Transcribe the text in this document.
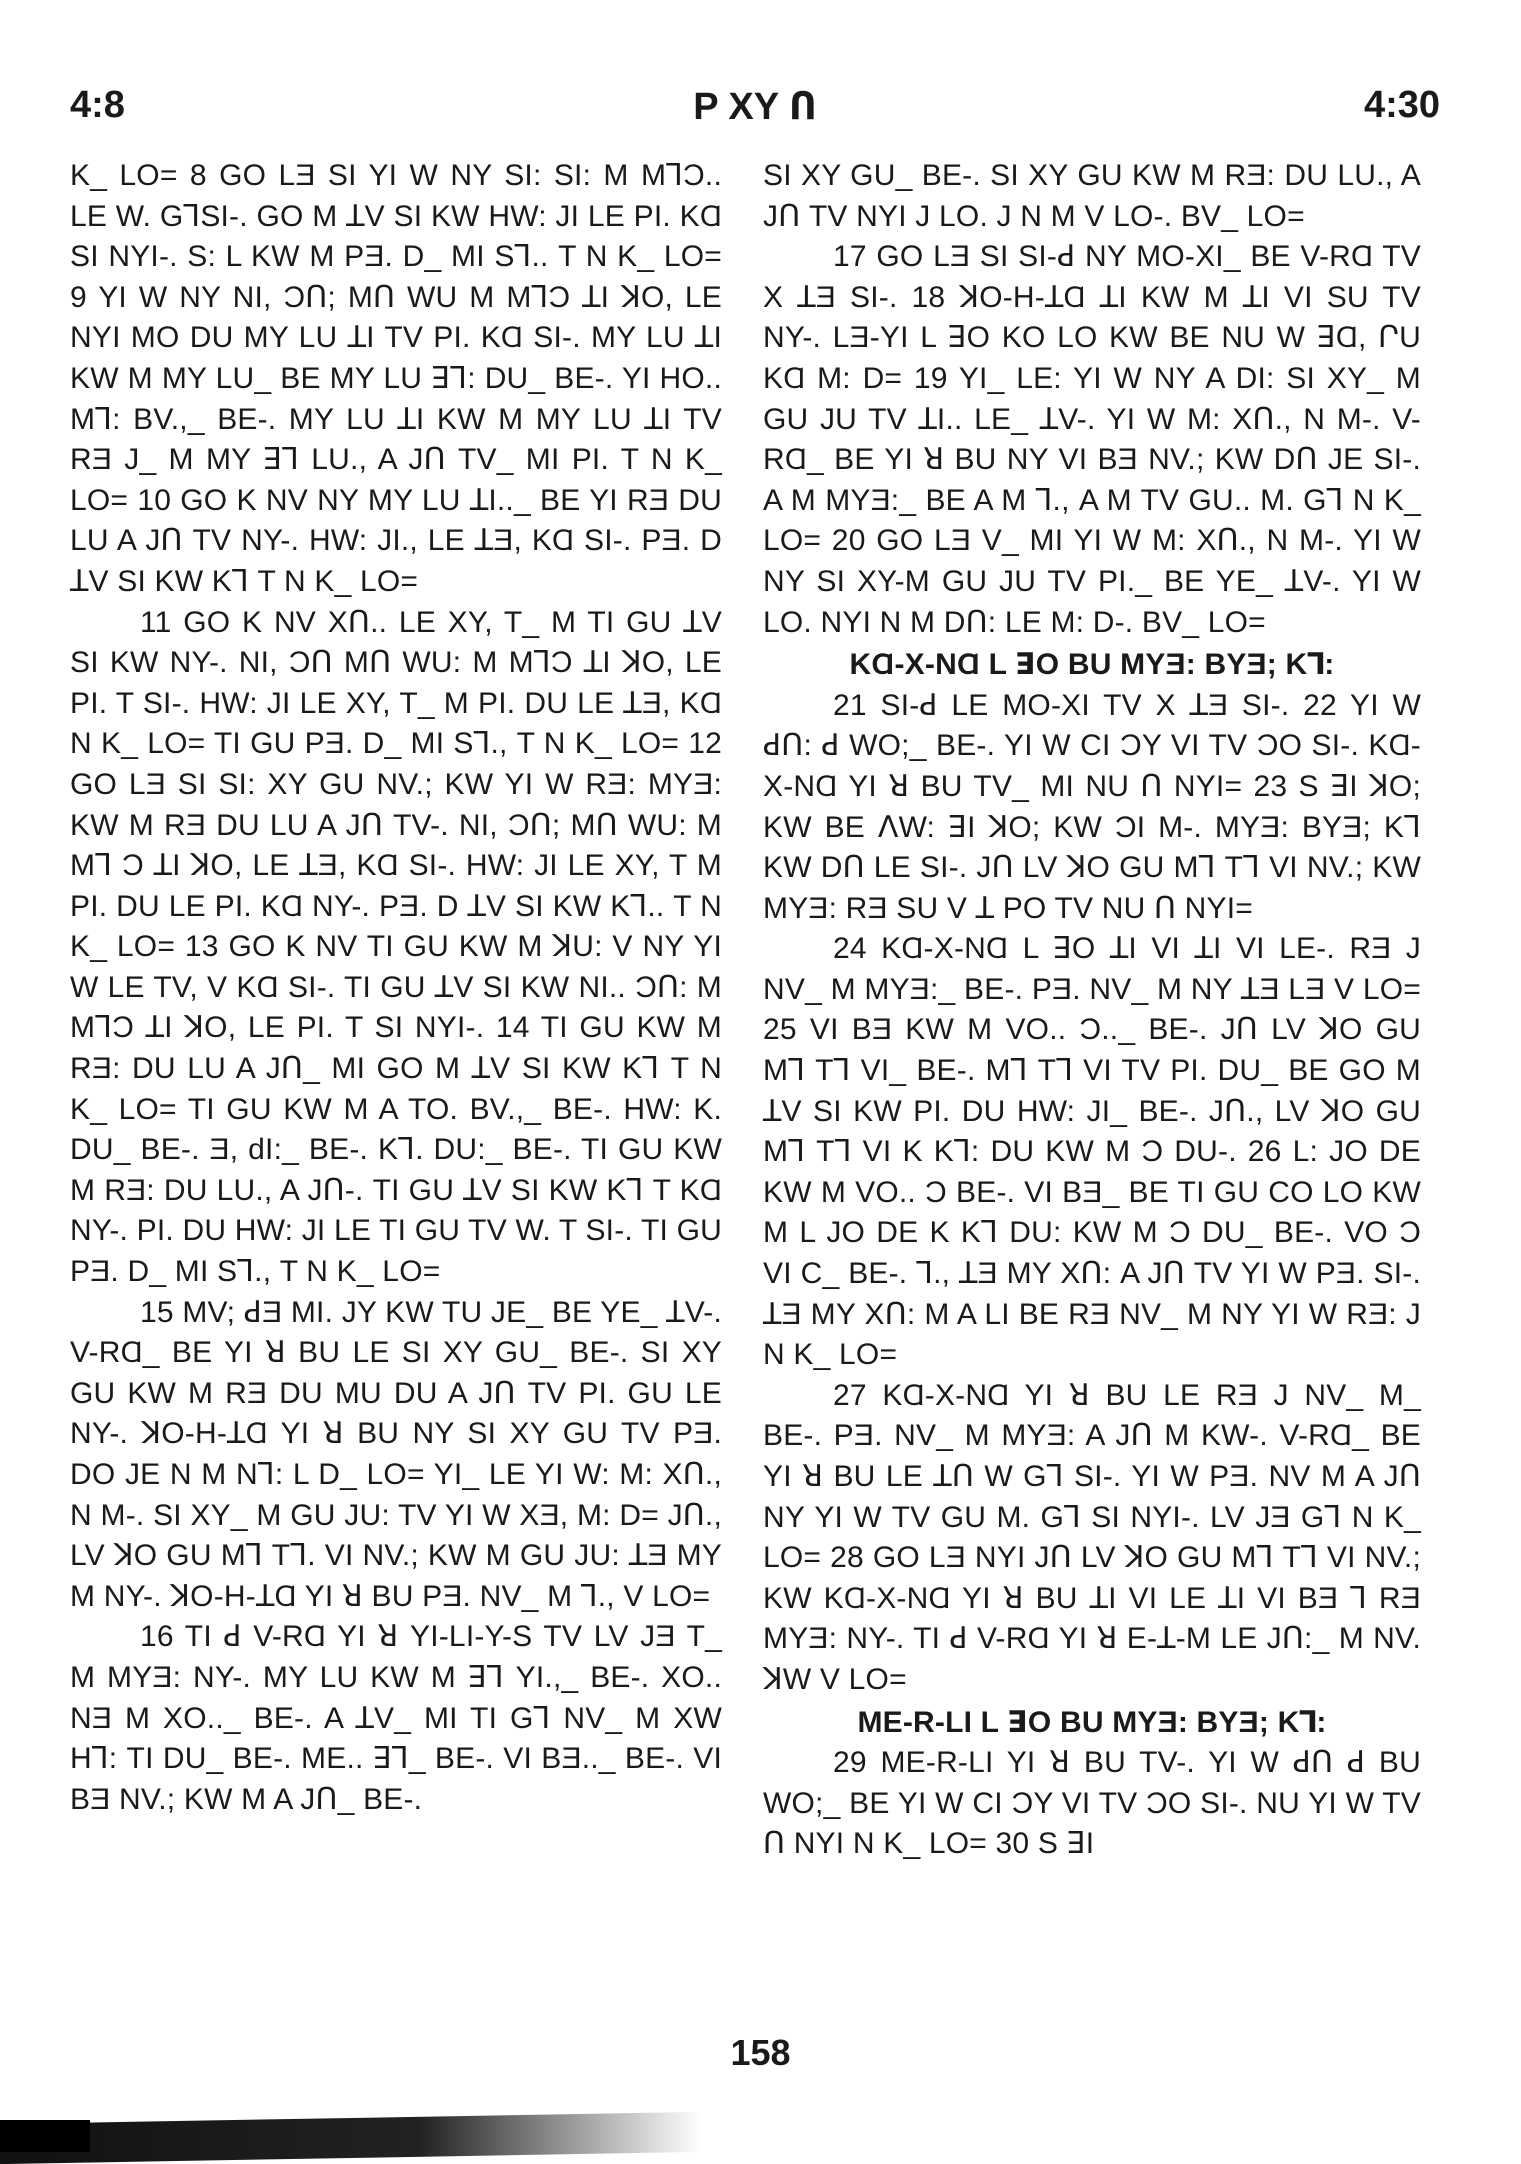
4:8	P XY Ո	4:30

K_ LO= 8 GO LƎ SI YI W NY SI: SI: M MꓶƆ.. LE W. GꓶSI-. GO M ꓕV SI KW HW: JI LE PI. KⱭ SI NYI-. S: L KW M PƎ. D_ MI Sꓶ.. T N K_ LO= 9 YI W NY NI, ƆՈ; MՈ WU M MꓶƆ ꓕI ꓘO, LE NYI MO DU MY LU ꓕI TV PI. KⱭ SI-. MY LU ꓕI KW M MY LU_ BE MY LU ꓱꓶ: DU_ BE-. YI HO.. Mꓶ: BV.,_ BE-. MY LU ꓕI KW M MY LU ꓕI TV RƎ J_ M MY ꓱꓶ LU., A JՈ TV_ MI PI. T N K_ LO= 10 GO K NV NY MY LU ꓕI.._ BE YI RƎ DU LU A JՈ TV NY-. HW: JI., LE ꓕƎ, KⱭ SI-. PƎ. D ꓕV SI KW Kꓶ T N K_ LO=

11 GO K NV XՈ.. LE XY, T_ M TI GU ꓕV SI KW NY-. NI, ƆՈ MՈ WU: M MꓶƆ ꓕI ꓘO, LE PI. T SI-. HW: JI LE XY, T_ M PI. DU LE ꓕƎ, KⱭ N K_ LO= TI GU PƎ. D_ MI Sꓶ., T N K_ LO= 12 GO LƎ SI SI: XY GU NV.; KW YI W RƎ: MYƎ: KW M RƎ DU LU A JՈ TV-. NI, ƆՈ; MՈ WU: M Mꓶ Ɔ ꓕI ꓘO, LE ꓕƎ, KⱭ SI-. HW: JI LE XY, T M PI. DU LE PI. KⱭ NY-. PƎ. D ꓕV SI KW Kꓶ.. T N K_ LO= 13 GO K NV TI GU KW M ꓘU: V NY YI W LE TV, V KⱭ SI-. TI GU ꓕV SI KW NI.. ƆՈ: M MꓶƆ ꓕI ꓘO, LE PI. T SI NYI-. 14 TI GU KW M RƎ: DU LU A JՈ_ MI GO M ꓕV SI KW Kꓶ T N K_ LO= TI GU KW M A TO. BV.,_ BE-. HW: K. DU_ BE-. Ǝ, dI:_ BE-. Kꓶ. DU:_ BE-. TI GU KW M RƎ: DU LU., A JՈ-. TI GU ꓕV SI KW Kꓶ T KⱭ NY-. PI. DU HW: JI LE TI GU TV W. T SI-. TI GU PƎ. D_ MI Sꓶ., T N K_ LO=

15 MV; ꓒƎ MI. JY KW TU JE_ BE YE_ ꓕV-. V-RⱭ_ BE YI ꓤ BU LE SI XY GU_ BE-. SI XY GU KW M RƎ DU MU DU A JՈ TV PI. GU LE NY-. ꓘO-H-ꓕⱭ YI ꓤ BU NY SI XY GU TV PƎ. DO JE N M Nꓶ: L D_ LO= YI_ LE YI W: M: XՈ., N M-. SI XY_ M GU JU: TV YI W XƎ, M: D= JՈ., LV ꓘO GU Mꓶ Tꓶ. VI NV.; KW M GU JU: ꓕƎ MY M NY-. ꓘO-H-ꓕⱭ YI ꓤ BU PƎ. NV_ M ꓶ., V LO=

16 TI ꓒ V-RⱭ YI ꓤ YI-LI-Y-S TV LV JƎ T_ M MYƎ: NY-. MY LU KW M ꓱꓶ YI.,_ BE-. XO.. NƎ M XO.._ BE-. A ꓕV_ MI TI Gꓶ NV_ M XW Hꓶ: TI DU_ BE-. ME.. ꓱꓶ_ BE-. VI BƎ.._ BE-. VI BƎ NV.; KW M A JՈ_ BE-.

SI XY GU_ BE-. SI XY GU KW M RƎ: DU LU., A JՈ TV NYI J LO. J N M V LO-. BV_ LO=

17 GO LƎ SI SI-ꓒ NY MO-XI_ BE V-RⱭ TV X ꓕƎ SI-. 18 ꓘO-H-ꓕⱭ ꓕI KW M ꓕI VI SU TV NY-. LƎ-YI L ꓱO KO LO KW BE NU W ꓱⱭ, ՐU KⱭ M: D= 19 YI_ LE: YI W NY A DI: SI XY_ M GU JU TV ꓕI.. LE_ ꓕV-. YI W M: XՈ., N M-. V-RⱭ_ BE YI ꓤ BU NY VI BƎ NV.; KW DՈ JE SI-. A M MYƎ:_ BE A M ꓶ., A M TV GU.. M. Gꓶ N K_ LO= 20 GO LƎ V_ MI YI W M: XՈ., N M-. YI W NY SI XY-M GU JU TV PI._ BE YE_ ꓕV-. YI W LO. NYI N M DՈ: LE M: D-. BV_ LO=

KⱭ-X-NⱭ L ꓱO BU MYƎ: BYƎ; Kꓶ:

21 SI-ꓒ LE MO-XI TV X ꓕƎ SI-. 22 YI W ꓒՈ: ꓒ WO;_ BE-. YI W CI ƆY VI TV ƆO SI-. KⱭ-X-NⱭ YI ꓤ BU TV_ MI NU Ո NYI= 23 S ꓱI ꓘO; KW BE ꓥW: ꓱI ꓘO; KW ƆI M-. MYƎ: BYƎ; Kꓶ KW DՈ LE SI-. JՈ LV ꓘO GU Mꓶ Tꓶ VI NV.; KW MYƎ: RƎ SU V ꓕ PO TV NU Ո NYI=

24 KⱭ-X-NⱭ L ꓱO ꓕI VI ꓕI VI LE-. RƎ J NV_ M MYƎ:_ BE-. PƎ. NV_ M NY ꓕƎ LƎ V LO= 25 VI BƎ KW M VO.. Ɔ.._ BE-. JՈ LV ꓘO GU Mꓶ Tꓶ VI_ BE-. Mꓶ Tꓶ VI TV PI. DU_ BE GO M ꓕV SI KW PI. DU HW: JI_ BE-. JՈ., LV ꓘO GU Mꓶ Tꓶ VI K Kꓶ: DU KW M Ɔ DU-. 26 L: JO DE KW M VO.. Ɔ BE-. VI BƎ_ BE TI GU CO LO KW M L JO DE K Kꓶ DU: KW M Ɔ DU_ BE-. VO Ɔ VI C_ BE-. ꓶ., ꓕƎ MY XՈ: A JՈ TV YI W PƎ. SI-. ꓕƎ MY XՈ: M A LI BE RƎ NV_ M NY YI W RƎ: J N K_ LO=

27 KⱭ-X-NⱭ YI ꓤ BU LE RƎ J NV_ M_ BE-. PƎ. NV_ M MYƎ: A JՈ M KW-. V-RⱭ_ BE YI ꓤ BU LE ꓕՈ W Gꓶ SI-. YI W PƎ. NV M A JՈ NY YI W TV GU M. Gꓶ SI NYI-. LV JƎ Gꓶ N K_ LO= 28 GO LƎ NYI JՈ LV ꓘO GU Mꓶ Tꓶ VI NV.; KW KⱭ-X-NⱭ YI ꓤ BU ꓕI VI LE ꓕI VI BƎ ꓶ RƎ MYƎ: NY-. TI ꓒ V-RⱭ YI ꓤ E-ꓕ-M LE JՈ:_ M NV. ꓘW V LO=

ME-R-LI L ꓱO BU MYƎ: BYƎ; Kꓶ:

29 ME-R-LI YI ꓤ BU TV-. YI W ꓒՈ ꓒ BU WO;_ BE YI W CI ƆY VI TV ƆO SI-. NU YI W TV Ո NYI N K_ LO= 30 S ꓱI

158
